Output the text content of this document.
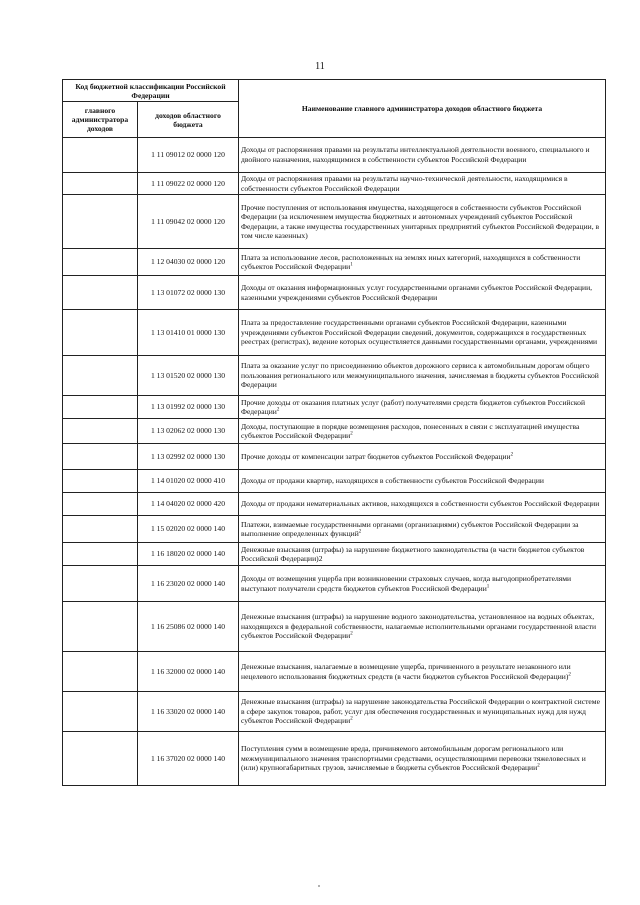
11
Код бюджетной классификации Российской Федерации		Наименование главного администратора доходов областного бюджета
главного администратора доходов	доходов областного бюджета	
	1 11 09012 02 0000 120	Доходы от распоряжения правами на результаты интеллектуальной деятельности военного, специального и двойного назначения, находящимися в собственности субъектов Российской Федерации
	1 11 09022 02 0000 120	Доходы от распоряжения правами на результаты научно-технической деятельности, находящимися в собственности субъектов Российской Федерации
	1 11 09042 02 0000 120	Прочие поступления от использования имущества, находящегося в собственности субъектов Российской Федерации (за исключением имущества бюджетных и автономных учреждений субъектов Российской Федерации, а также имущества государственных унитарных предприятий субъектов Российской Федерации, в том числе казенных)
	1 12 04030 02 0000 120	Плата за использование лесов, расположенных на землях иных категорий, находящихся в собственности субъектов Российской Федерации$^1$
	1 13 01072 02 0000 130	Доходы от оказания информационных услуг государственными органами субъектов Российской Федерации, казенными учреждениями субъектов Российской Федерации
	1 13 01410 01 0000 130	Плата за предоставление государственными органами субъектов Российской Федерации, казенными учреждениями субъектов Российской Федерации сведений, документов, содержащихся в государственных реестрах (регистрах), ведение которых осуществляется данными государственными органами, учреждениями
	1 13 01520 02 0000 130	Плата за оказание услуг по присоединению объектов дорожного сервиса к автомобильным дорогам общего пользования регионального или межмуниципального значения, зачисляемая в бюджеты субъектов Российской Федерации
	1 13 01992 02 0000 130	Прочие доходы от оказания платных услуг (работ) получателями средств бюджетов субъектов Российской Федерации$^2$
	1 13 02062 02 0000 130	Доходы, поступающие в порядке возмещения расходов, понесенных в связи с эксплуатацией имущества субъектов Российской Федерации$^2$
	1 13 02992 02 0000 130	Прочие доходы от компенсации затрат бюджетов субъектов Российской Федерации$^2$
	1 14 01020 02 0000 410	Доходы от продажи квартир, находящихся в собственности субъектов Российской Федерации
	1 14 04020 02 0000 420	Доходы от продажи нематериальных активов, находящихся в собственности субъектов Российской Федерации
	1 15 02020 02 0000 140	Платежи, взимаемые государственными органами (организациями) субъектов Российской Федерации за выполнение определенных функций$^2$
	1 16 18020 02 0000 140	Денежные взыскания (штрафы) за нарушение бюджетного законодательства (в части бюджетов субъектов Российской Федерации)2
	1 16 23020 02 0000 140	Доходы от возмещения ущерба при возникновении страховых случаев, когда выгодоприобретателями выступают получатели средств бюджетов субъектов Российской Федерации$^1$
	1 16 25086 02 0000 140	Денежные взыскания (штрафы) за нарушение водного законодательства, установленное на водных объектах, находящихся в федеральной собственности, налагаемые исполнительными органами государственной власти субъектов Российской Федерации$^2$
	1 16 32000 02 0000 140	Денежные взыскания, налагаемые в возмещение ущерба, причиненного в результате незаконного или нецелевого использования бюджетных средств (в части бюджетов субъектов Российской Федерации)$^2$
	1 16 33020 02 0000 140	Денежные взыскания (штрафы) за нарушение законодательства Российской Федерации о контрактной системе в сфере закупок товаров, работ, услуг для обеспечения государственных и муниципальных нужд для нужд субъектов Российской Федерации$^2$
	1 16 37020 02 0000 140	Поступления сумм в возмещение вреда, причиняемого автомобильным дорогам регионального или межмуниципального значения транспортными средствами, осуществляющими перевозки тяжеловесных и (или) крупногабаритных грузов, зачисляемые в бюджеты субъектов Российской Федерации$^2$
